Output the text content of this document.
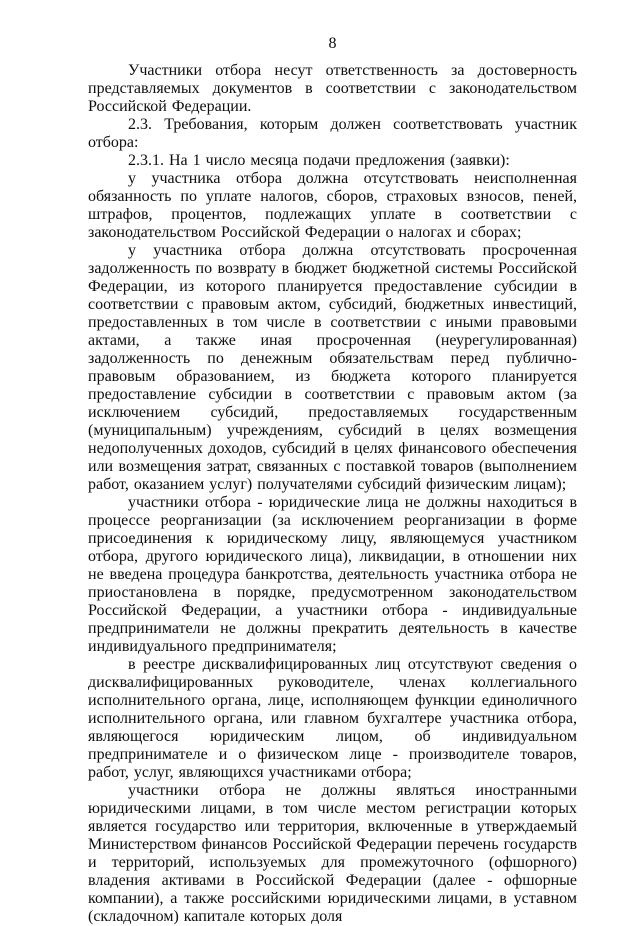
8

Участники отбора несут ответственность за достоверность представляемых документов в соответствии с законодательством Российской Федерации.

2.3. Требования, которым должен соответствовать участник отбора:

2.3.1. На 1 число месяца подачи предложения (заявки):

у участника отбора должна отсутствовать неисполненная обязанность по уплате налогов, сборов, страховых взносов, пеней, штрафов, процентов, подлежащих уплате в соответствии с законодательством Российской Федерации о налогах и сборах;

у участника отбора должна отсутствовать просроченная задолженность по возврату в бюджет бюджетной системы Российской Федерации, из которого планируется предоставление субсидии в соответствии с правовым актом, субсидий, бюджетных инвестиций, предоставленных в том числе в соответствии с иными правовыми актами, а также иная просроченная (неурегулированная) задолженность по денежным обязательствам перед публично-правовым образованием, из бюджета которого планируется предоставление субсидии в соответствии с правовым актом (за исключением субсидий, предоставляемых государственным (муниципальным) учреждениям, субсидий в целях возмещения недополученных доходов, субсидий в целях финансового обеспечения или возмещения затрат, связанных с поставкой товаров (выполнением работ, оказанием услуг) получателями субсидий физическим лицам);

участники отбора - юридические лица не должны находиться в процессе реорганизации (за исключением реорганизации в форме присоединения к юридическому лицу, являющемуся участником отбора, другого юридического лица), ликвидации, в отношении них не введена процедура банкротства, деятельность участника отбора не приостановлена в порядке, предусмотренном законодательством Российской Федерации, а участники отбора - индивидуальные предприниматели не должны прекратить деятельность в качестве индивидуального предпринимателя;

в реестре дисквалифицированных лиц отсутствуют сведения о дисквалифицированных руководителе, членах коллегиального исполнительного органа, лице, исполняющем функции единоличного исполнительного органа, или главном бухгалтере участника отбора, являющегося юридическим лицом, об индивидуальном предпринимателе и о физическом лице - производителе товаров, работ, услуг, являющихся участниками отбора;

участники отбора не должны являться иностранными юридическими лицами, в том числе местом регистрации которых является государство или территория, включенные в утверждаемый Министерством финансов Российской Федерации перечень государств и территорий, используемых для промежуточного (офшорного) владения активами в Российской Федерации (далее - офшорные компании), а также российскими юридическими лицами, в уставном (складочном) капитале которых доля
